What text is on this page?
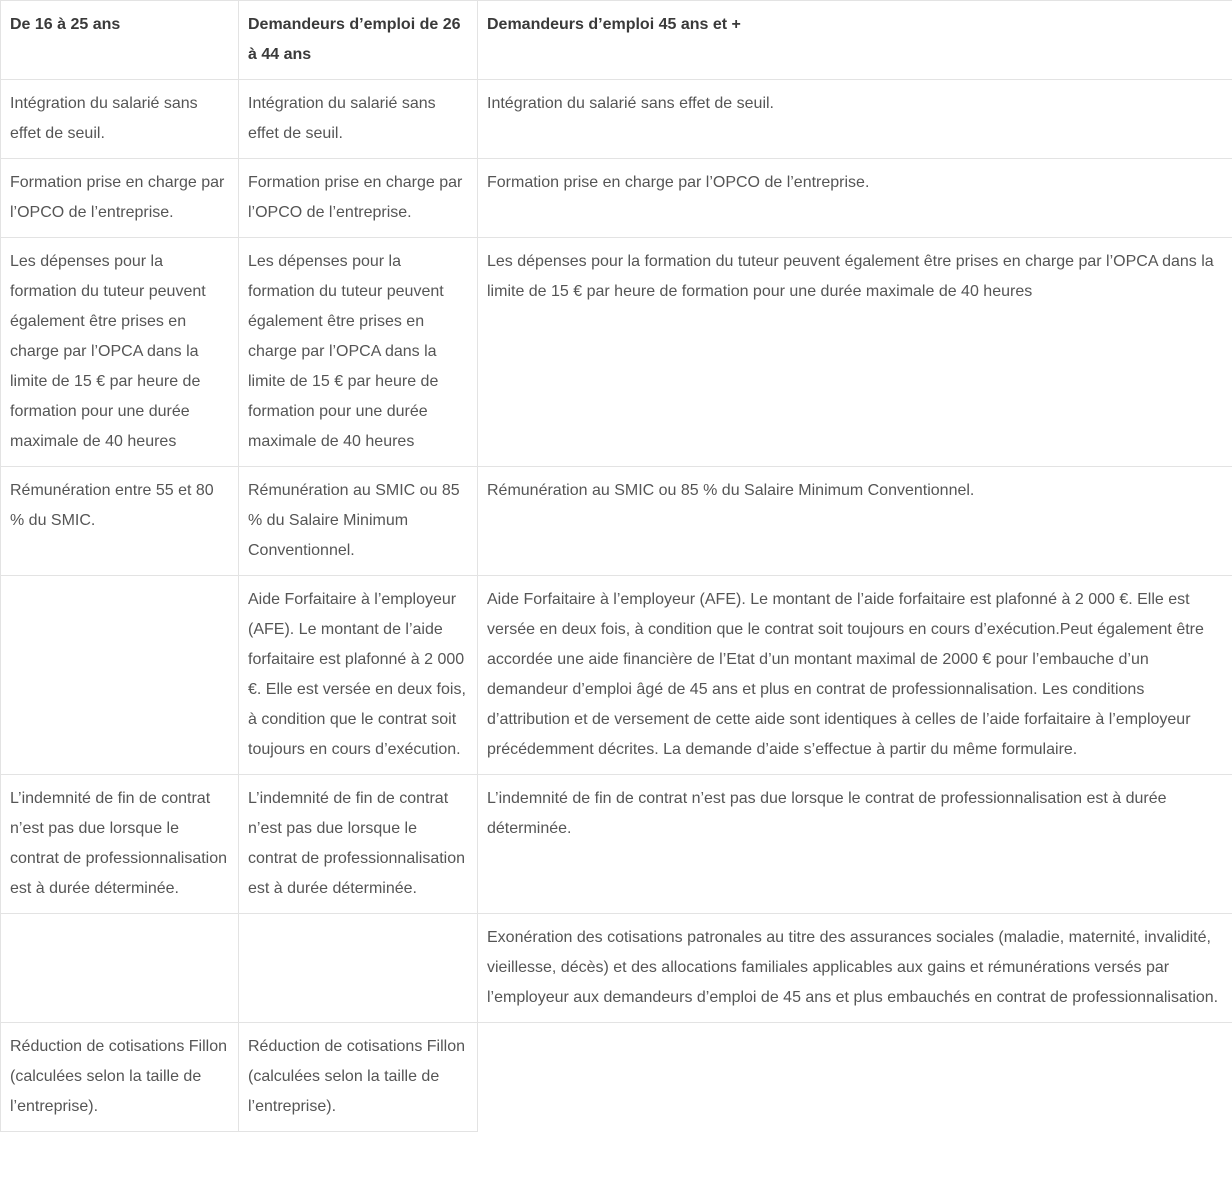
De 16 à 25 ans	Demandeurs d’emploi de 26 à 44 ans	Demandeurs d’emploi 45 ans et +
Intégration du salarié sans effet de seuil.	Intégration du salarié sans effet de seuil.	Intégration du salarié sans effet de seuil.
Formation prise en charge par l’OPCO de l’entreprise.	Formation prise en charge par l’OPCO de l’entreprise.	Formation prise en charge par l’OPCO de l’entreprise.
Les dépenses pour la formation du tuteur peuvent également être prises en charge par l’OPCA dans la limite de 15 € par heure de formation pour une durée maximale de 40 heures	Les dépenses pour la formation du tuteur peuvent également être prises en charge par l’OPCA dans la limite de 15 € par heure de formation pour une durée maximale de 40 heures	Les dépenses pour la formation du tuteur peuvent également être prises en charge par l’OPCA dans la limite de 15 € par heure de formation pour une durée maximale de 40 heures
Rémunération entre 55 et 80 % du SMIC.	Rémunération au SMIC ou 85 % du Salaire Minimum Conventionnel.	Rémunération au SMIC ou 85 % du Salaire Minimum Conventionnel.
	Aide Forfaitaire à l’employeur (AFE). Le montant de l’aide forfaitaire est plafonné à 2 000 €. Elle est versée en deux fois, à condition que le contrat soit toujours en cours d’exécution.	Aide Forfaitaire à l’employeur (AFE). Le montant de l’aide forfaitaire est plafonné à 2 000 €. Elle est versée en deux fois, à condition que le contrat soit toujours en cours d’exécution.Peut également être accordée une aide financière de l’Etat d’un montant maximal de 2000 € pour l’embauche d’un demandeur d’emploi âgé de 45 ans et plus en contrat de professionnalisation. Les conditions d’attribution et de versement de cette aide sont identiques à celles de l’aide forfaitaire à l’employeur précédemment décrites. La demande d’aide s’effectue à partir du même formulaire.
L’indemnité de fin de contrat n’est pas due lorsque le contrat de professionnalisation est à durée déterminée.	L’indemnité de fin de contrat n’est pas due lorsque le contrat de professionnalisation est à durée déterminée.	L’indemnité de fin de contrat n’est pas due lorsque le contrat de professionnalisation est à durée déterminée.
		Exonération des cotisations patronales au titre des assurances sociales (maladie, maternité, invalidité, vieillesse, décès) et des allocations familiales applicables aux gains et rémunérations versés par l’employeur aux demandeurs d’emploi de 45 ans et plus embauchés en contrat de professionnalisation.
Réduction de cotisations Fillon (calculées selon la taille de l’entreprise).	Réduction de cotisations Fillon (calculées selon la taille de l’entreprise).	
